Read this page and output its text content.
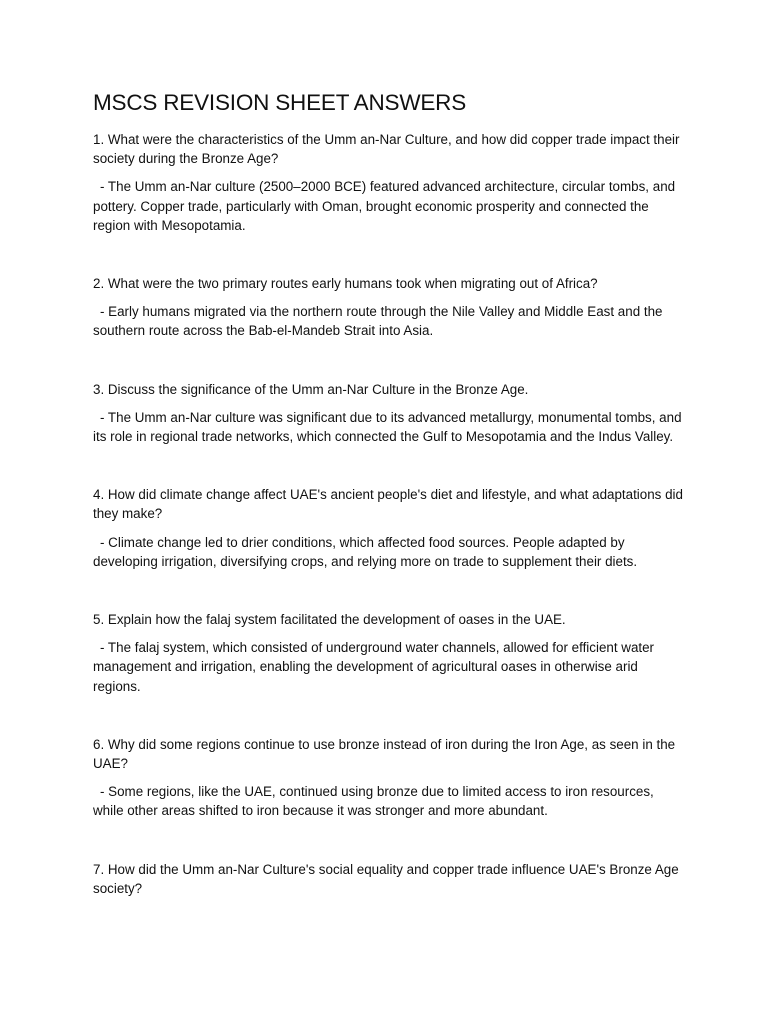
MSCS REVISION SHEET ANSWERS

1. What were the characteristics of the Umm an-Nar Culture, and how did copper trade impact their society during the Bronze Age?

- The Umm an-Nar culture (2500–2000 BCE) featured advanced architecture, circular tombs, and pottery. Copper trade, particularly with Oman, brought economic prosperity and connected the region with Mesopotamia.

2. What were the two primary routes early humans took when migrating out of Africa?

- Early humans migrated via the northern route through the Nile Valley and Middle East and the southern route across the Bab-el-Mandeb Strait into Asia.

3. Discuss the significance of the Umm an-Nar Culture in the Bronze Age.

- The Umm an-Nar culture was significant due to its advanced metallurgy, monumental tombs, and its role in regional trade networks, which connected the Gulf to Mesopotamia and the Indus Valley.

4. How did climate change affect UAE's ancient people's diet and lifestyle, and what adaptations did they make?

- Climate change led to drier conditions, which affected food sources. People adapted by developing irrigation, diversifying crops, and relying more on trade to supplement their diets.

5. Explain how the falaj system facilitated the development of oases in the UAE.

- The falaj system, which consisted of underground water channels, allowed for efficient water management and irrigation, enabling the development of agricultural oases in otherwise arid regions.

6. Why did some regions continue to use bronze instead of iron during the Iron Age, as seen in the UAE?

- Some regions, like the UAE, continued using bronze due to limited access to iron resources, while other areas shifted to iron because it was stronger and more abundant.

7. How did the Umm an-Nar Culture's social equality and copper trade influence UAE's Bronze Age society?
